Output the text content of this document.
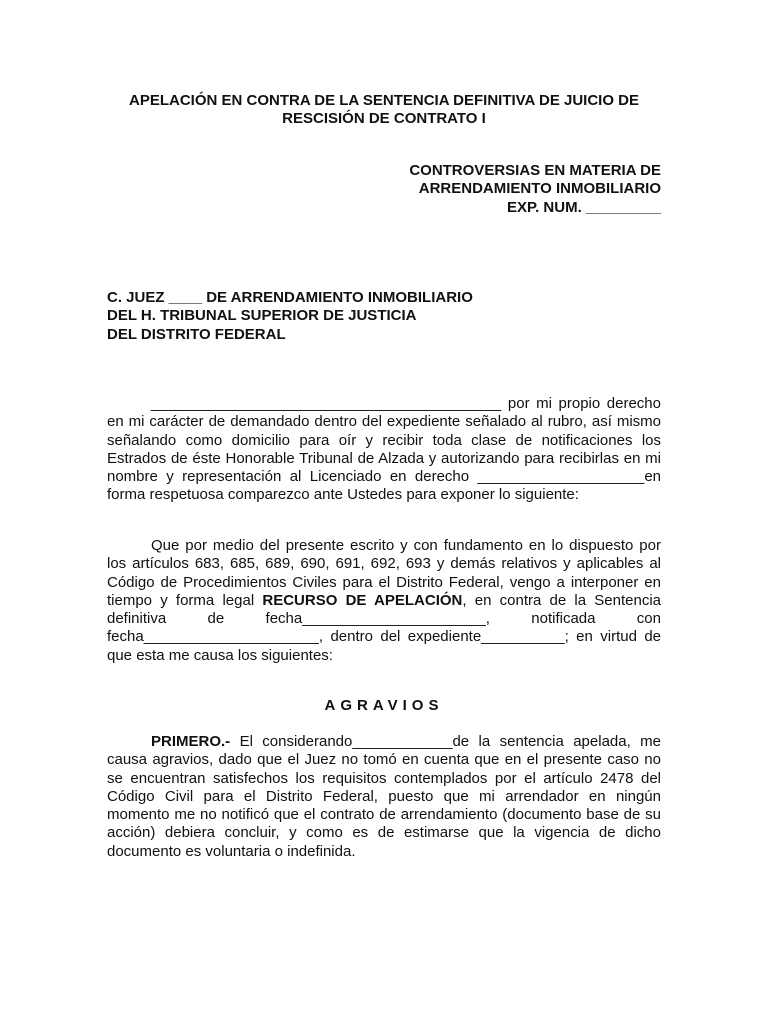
APELACIÓN EN CONTRA DE LA SENTENCIA DEFINITIVA DE JUICIO DE
RESCISIÓN DE CONTRATO I
CONTROVERSIAS EN MATERIA DE
ARRENDAMIENTO INMOBILIARIO
EXP. NUM. _________
C. JUEZ ____ DE ARRENDAMIENTO INMOBILIARIO
DEL H. TRIBUNAL SUPERIOR DE JUSTICIA
DEL DISTRITO FEDERAL
__________________________________________ por mi propio derecho
en mi carácter de demandado dentro del expediente señalado al rubro, así mismo
señalando como domicilio para oír y recibir toda clase de notificaciones los
Estrados de éste Honorable Tribunal de Alzada y autorizando para recibirlas en mi
nombre y representación al Licenciado en derecho ____________________en
forma respetuosa comparezco ante Ustedes para exponer lo siguiente:
Que por medio del presente escrito y con fundamento en lo dispuesto por
los artículos 683, 685, 689, 690, 691, 692, 693 y demás relativos y aplicables al
Código de Procedimientos Civiles para el Distrito Federal, vengo a interponer en
tiempo y forma legal RECURSO DE APELACIÓN, en contra de la Sentencia
definitiva de fecha______________________, notificada con
fecha_____________________, dentro del expediente__________; en virtud de
que esta me causa los siguientes:
AGRAVIOS
PRIMERO.- El considerando____________de la sentencia apelada, me
causa agravios, dado que el Juez no tomó en cuenta que en el presente caso no
se encuentran satisfechos los requisitos contemplados por el artículo 2478 del
Código Civil para el Distrito Federal, puesto que mi arrendador en ningún
momento me no notificó que el contrato de arrendamiento (documento base de su
acción) debiera concluir, y como es de estimarse que la vigencia de dicho
documento es voluntaria o indefinida.
